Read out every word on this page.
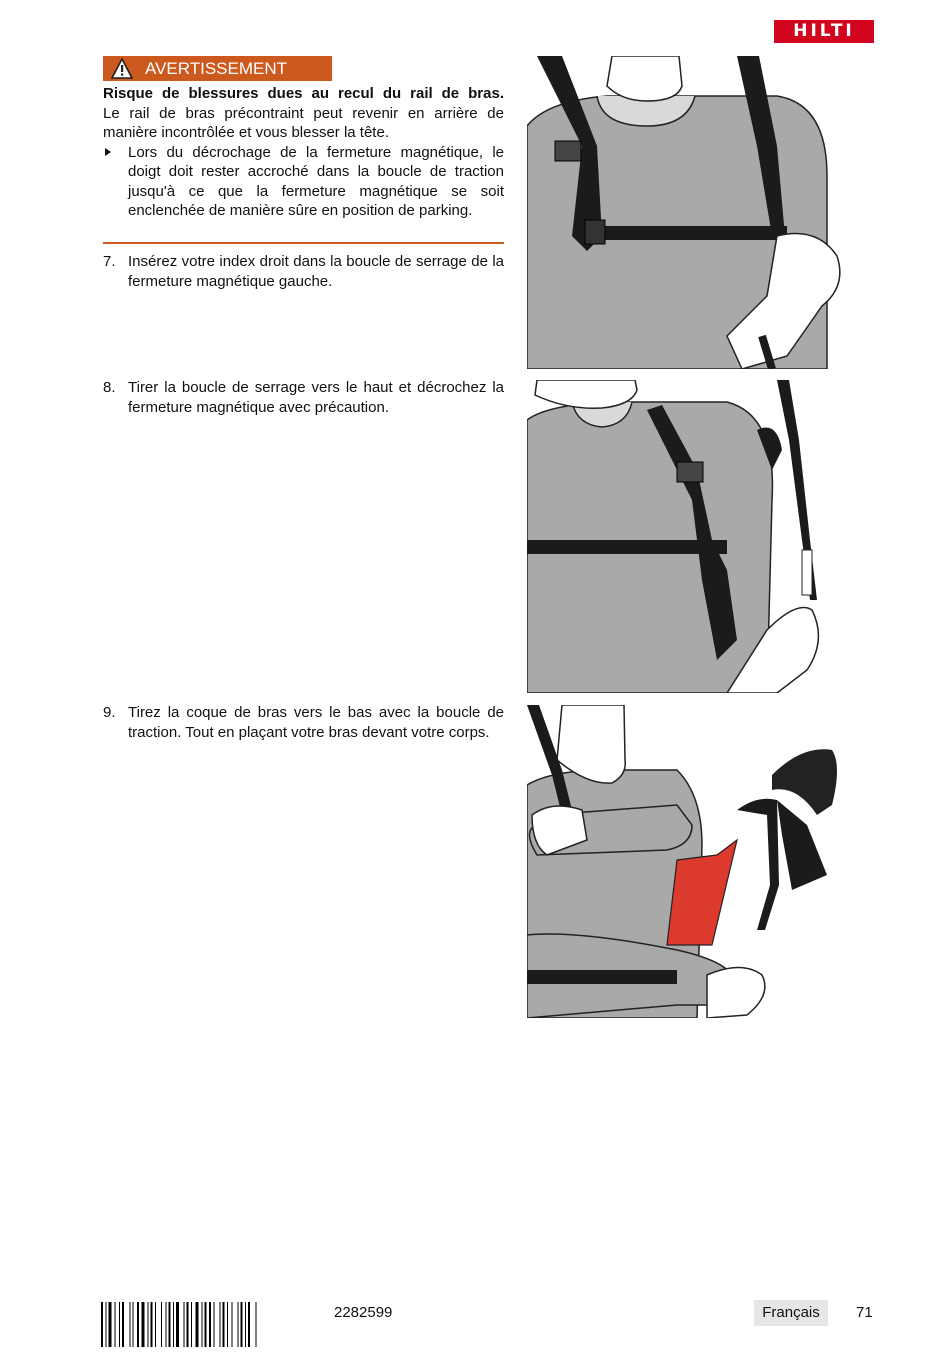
HILTI
AVERTISSEMENT
Risque de blessures dues au recul du rail de bras.
Le rail de bras précontraint peut revenir en arrière de manière incontrôlée et vous blesser la tête.
Lors du décrochage de la fermeture magnétique, le doigt doit rester accroché dans la boucle de traction jusqu'à ce que la fermeture magnétique se soit enclenchée de manière sûre en position de parking.
7. Insérez votre index droit dans la boucle de serrage de la fermeture magnétique gauche.
8. Tirer la boucle de serrage vers le haut et décrochez la fermeture magnétique avec précaution.
9. Tirez la coque de bras vers le bas avec la boucle de traction. Tout en plaçant votre bras devant votre corps.
2282599	Français	71
